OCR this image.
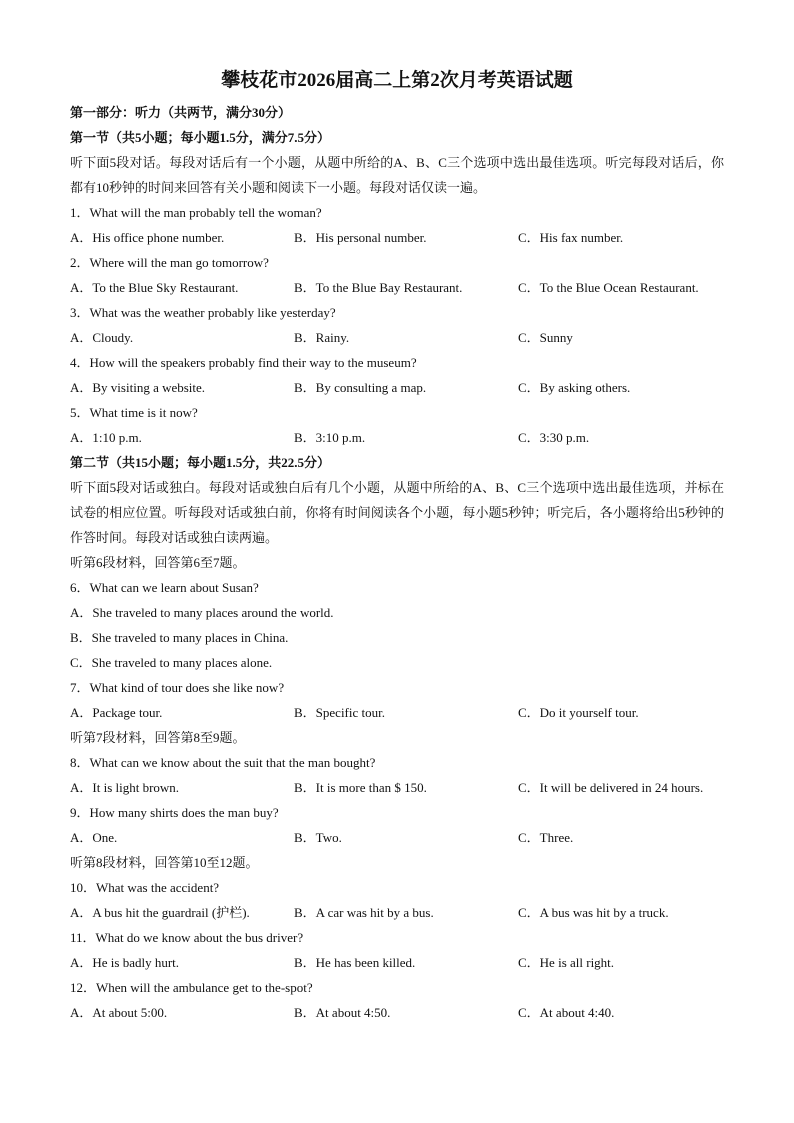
攀枝花市2026届高二上第2次月考英语试题
第一部分：听力（共两节，满分30分）
第一节（共5小题；每小题1.5分，满分7.5分）
听下面5段对话。每段对话后有一个小题，从题中所给的A、B、C三个选项中选出最佳选项。听完每段对话后，你都有10秒钟的时间来回答有关小题和阅读下一小题。每段对话仅读一遍。
1．What will the man probably tell the woman?
A．His office phone number.	B．His personal number.	C．His fax number.
2．Where will the man go tomorrow?
A．To the Blue Sky Restaurant.	B．To the Blue Bay Restaurant.	C．To the Blue Ocean Restaurant.
3．What was the weather probably like yesterday?
A．Cloudy.	B．Rainy.	C．Sunny
4．How will the speakers probably find their way to the museum?
A．By visiting a website.	B．By consulting a map.	C．By asking others.
5．What time is it now?
A．1:10 p.m.	B．3:10 p.m.	C．3:30 p.m.
第二节（共15小题；每小题1.5分，共22.5分）
听下面5段对话或独白。每段对话或独白后有几个小题，从题中所给的A、B、C三个选项中选出最佳选项，并标在试卷的相应位置。听每段对话或独白前，你将有时间阅读各个小题，每小题5秒钟；听完后，各小题将给出5秒钟的作答时间。每段对话或独白读两遍。
听第6段材料，回答第6至7题。
6．What can we learn about Susan?
A．She traveled to many places around the world.
B．She traveled to many places in China.
C．She traveled to many places alone.
7．What kind of tour does she like now?
A．Package tour.	B．Specific tour.	C．Do it yourself tour.
听第7段材料，回答第8至9题。
8．What can we know about the suit that the man bought?
A．It is light brown.	B．It is more than $ 150.	C．It will be delivered in 24 hours.
9．How many shirts does the man buy?
A．One.	B．Two.	C．Three.
听第8段材料，回答第10至12题。
10．What was the accident?
A．A bus hit the guardrail (护栏).	B．A car was hit by a bus.	C．A bus was hit by a truck.
11．What do we know about the bus driver?
A．He is badly hurt.	B．He has been killed.	C．He is all right.
12．When will the ambulance get to the-spot?
A．At about 5:00.	B．At about 4:50.	C．At about 4:40.
